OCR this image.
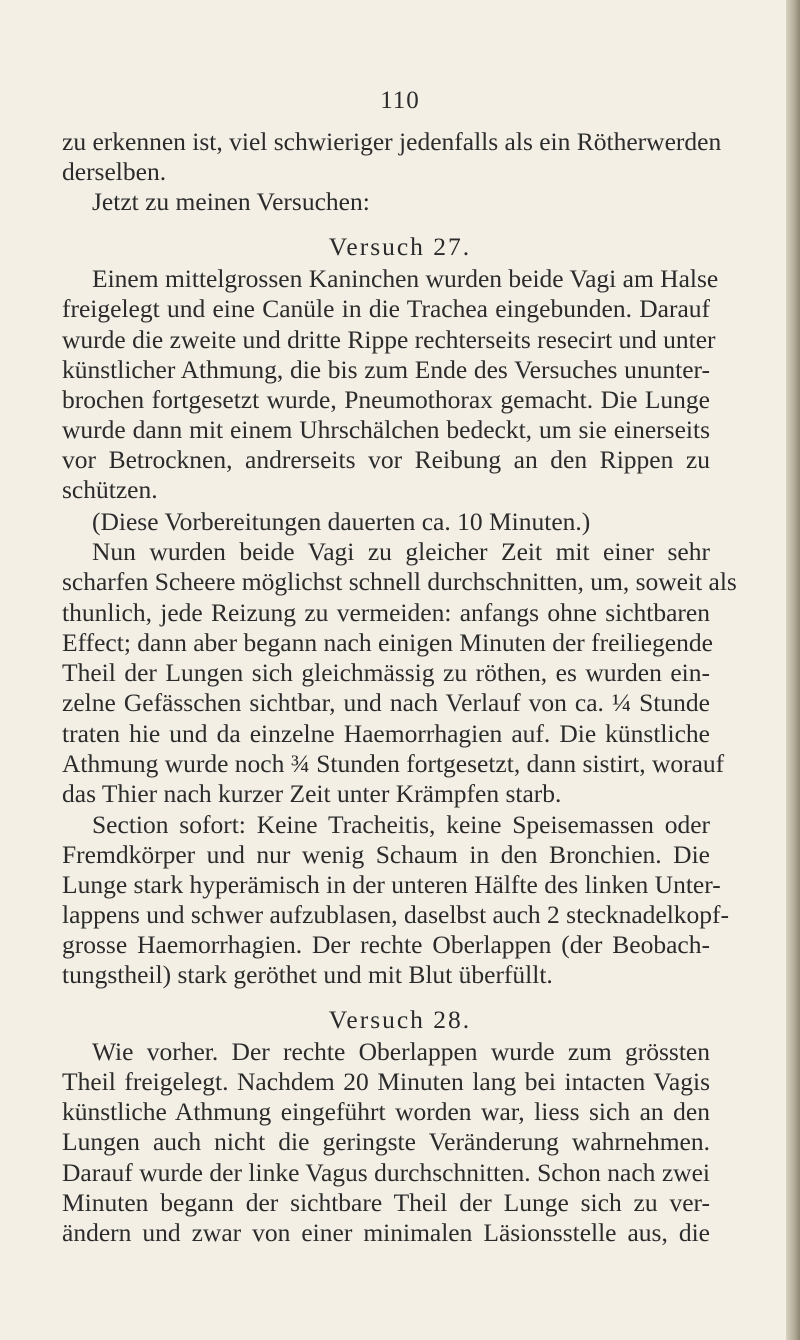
110
zu erkennen ist, viel schwieriger jedenfalls als ein Rötherwerden
derselben.
Jetzt zu meinen Versuchen:
Versuch 27.
Einem mittelgrossen Kaninchen wurden beide Vagi am Halse
freigelegt und eine Canüle in die Trachea eingebunden. Darauf
wurde die zweite und dritte Rippe rechterseits resecirt und unter
künstlicher Athmung, die bis zum Ende des Versuches ununter-
brochen fortgesetzt wurde, Pneumothorax gemacht. Die Lunge
wurde dann mit einem Uhrschälchen bedeckt, um sie einerseits
vor Betrocknen, andrerseits vor Reibung an den Rippen zu
schützen.
(Diese Vorbereitungen dauerten ca. 10 Minuten.)
Nun wurden beide Vagi zu gleicher Zeit mit einer sehr
scharfen Scheere möglichst schnell durchschnitten, um, soweit als
thunlich, jede Reizung zu vermeiden: anfangs ohne sichtbaren
Effect; dann aber begann nach einigen Minuten der freiliegende
Theil der Lungen sich gleichmässig zu röthen, es wurden ein-
zelne Gefässchen sichtbar, und nach Verlauf von ca. ¼ Stunde
traten hie und da einzelne Haemorrhagien auf. Die künstliche
Athmung wurde noch ¾ Stunden fortgesetzt, dann sistirt, worauf
das Thier nach kurzer Zeit unter Krämpfen starb.
Section sofort: Keine Tracheitis, keine Speisemassen oder
Fremdkörper und nur wenig Schaum in den Bronchien. Die
Lunge stark hyperämisch in der unteren Hälfte des linken Unter-
lappens und schwer aufzublasen, daselbst auch 2 stecknadelkopf-
grosse Haemorrhagien. Der rechte Oberlappen (der Beobach-
tungstheil) stark geröthet und mit Blut überfüllt.
Versuch 28.
Wie vorher. Der rechte Oberlappen wurde zum grössten
Theil freigelegt. Nachdem 20 Minuten lang bei intacten Vagis
künstliche Athmung eingeführt worden war, liess sich an den
Lungen auch nicht die geringste Veränderung wahrnehmen.
Darauf wurde der linke Vagus durchschnitten. Schon nach zwei
Minuten begann der sichtbare Theil der Lunge sich zu ver-
ändern und zwar von einer minimalen Läsionsstelle aus, die
